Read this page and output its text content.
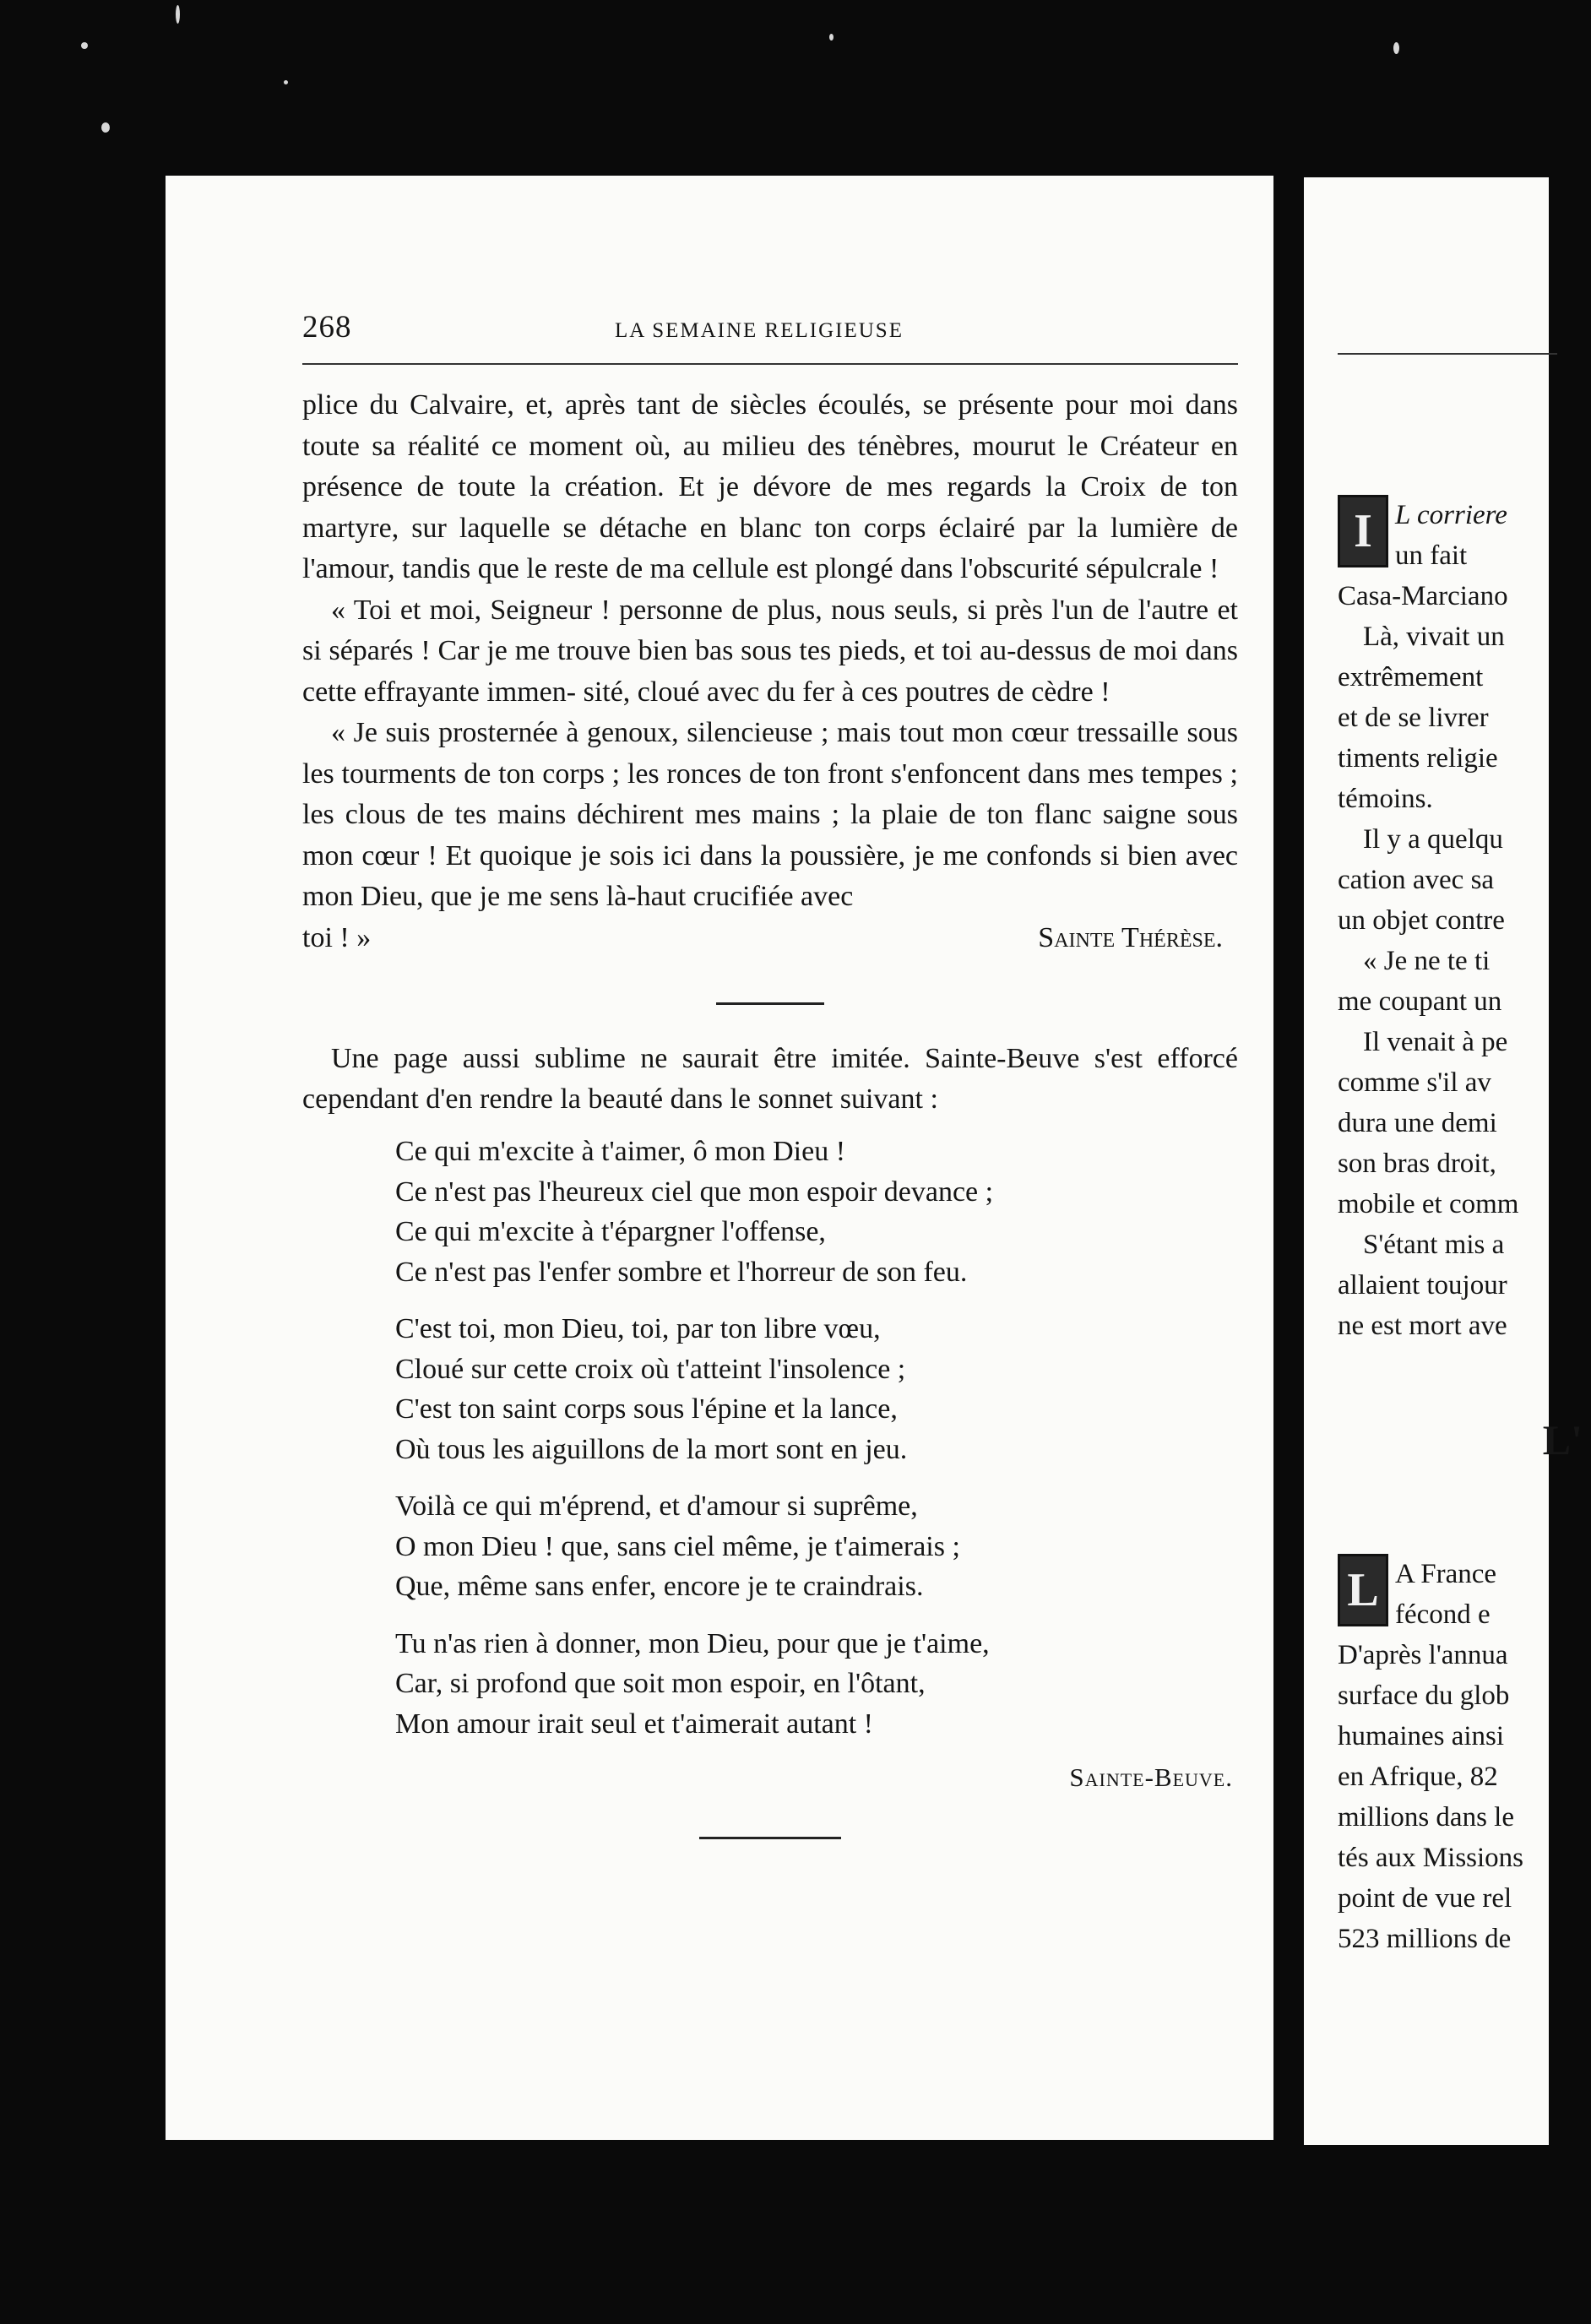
268	LA SEMAINE RELIGIEUSE

plice du Calvaire, et, après tant de siècles écoulés, se présente pour moi dans toute sa réalité ce moment où, au milieu des ténèbres, mourut le Créateur en présence de toute la création. Et je dévore de mes regards la Croix de ton martyre, sur laquelle se détache en blanc ton corps éclairé par la lumière de l'amour, tandis que le reste de ma cellule est plongé dans l'obscurité sépulcrale !

« Toi et moi, Seigneur ! personne de plus, nous seuls, si près l'un de l'autre et si séparés ! Car je me trouve bien bas sous tes pieds, et toi au-dessus de moi dans cette effrayante immen- sité, cloué avec du fer à ces poutres de cèdre !

« Je suis prosternée à genoux, silencieuse ; mais tout mon cœur tressaille sous les tourments de ton corps ; les ronces de ton front s'enfoncent dans mes tempes ; les clous de tes mains déchirent mes mains ; la plaie de ton flanc saigne sous mon cœur ! Et quoique je sois ici dans la poussière, je me confonds si bien avec mon Dieu, que je me sens là-haut crucifiée avec

toi ! »	Sainte Thérèse.

Une page aussi sublime ne saurait être imitée. Sainte-Beuve s'est efforcé cependant d'en rendre la beauté dans le sonnet suivant :

Ce qui m'excite à t'aimer, ô mon Dieu !
Ce n'est pas l'heureux ciel que mon espoir devance ;
Ce qui m'excite à t'épargner l'offense,
Ce n'est pas l'enfer sombre et l'horreur de son feu.
C'est toi, mon Dieu, toi, par ton libre vœu,
Cloué sur cette croix où t'atteint l'insolence ;
C'est ton saint corps sous l'épine et la lance,
Où tous les aiguillons de la mort sont en jeu.
Voilà ce qui m'éprend, et d'amour si suprême,
O mon Dieu ! que, sans ciel même, je t'aimerais ;
Que, même sans enfer, encore je te craindrais.
Tu n'as rien à donner, mon Dieu, pour que je t'aime,
Car, si profond que soit mon espoir, en l'ôtant,
Mon amour irait seul et t'aimerait autant !
Sainte-Beuve.
I L corriere
un fait
Casa-Marciano
Là, vivait un
extrêmement
et de se livrer
timents religie
témoins.
Il y a quelqu
cation avec sa
un objet contre
« Je ne te ti
me coupant un
Il venait à pe
comme s'il av
dura une demi
son bras droit,
mobile et comm
S'étant mis a
allaient toujour
ne est mort ave
L'
L A France
fécond e
D'après l'annua
surface du glob
humaines ainsi
en Afrique, 82
millions dans le
tés aux Missions
point de vue rel
523 millions de
